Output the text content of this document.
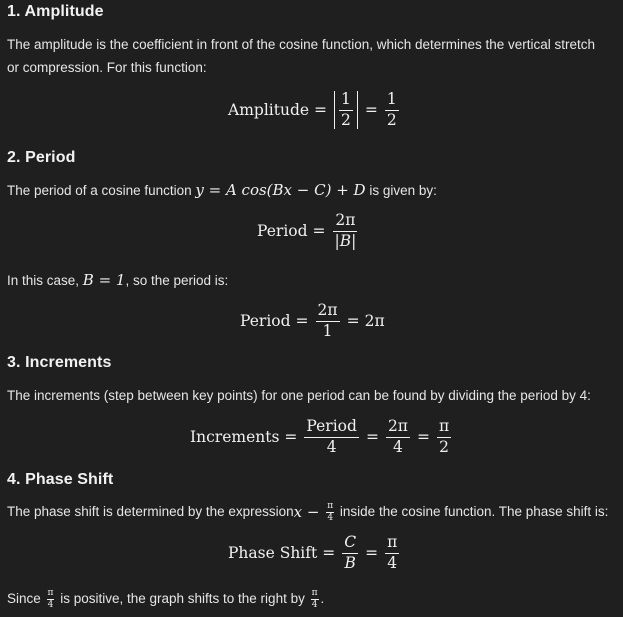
1. Amplitude
The amplitude is the coefficient in front of the cosine function, which determines the vertical stretch
or compression. For this function:
Amplitude = $\frac{1}{2} = \frac{1}{2}$
2. Period
The period of a cosine function y = A cos(Bx − C) + D is given by:
Period = $\frac{2\pi}{|B|}$
In this case, B = 1, so the period is:
Period = $\frac{2\pi}{1} = 2\pi$
3. Increments
The increments (step between key points) for one period can be found by dividing the period by 4:
Increments = $\frac{\text{Period}}{4} = \frac{2\pi}{4} = \frac{\pi}{2}$
4. Phase Shift
The phase shift is determined by the expression $x - \frac{\pi}{4}$ inside the cosine function. The phase shift is:
Phase Shift = $\frac{C}{B} = \frac{\pi}{4}$
Since $\frac{\pi}{4}$ is positive, the graph shifts to the right by $\frac{\pi}{4}$ .
